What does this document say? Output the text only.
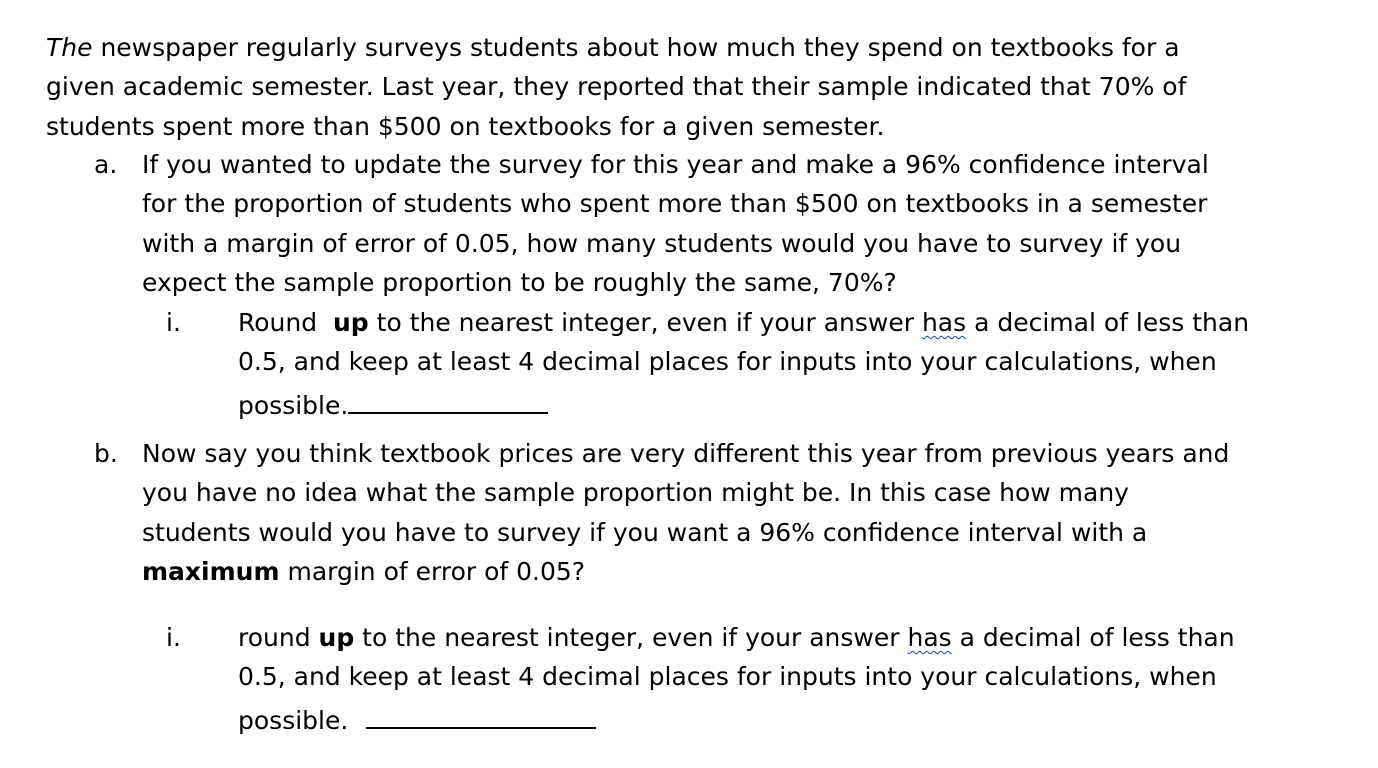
The newspaper regularly surveys students about how much they spend on textbooks for a
given academic semester. Last year, they reported that their sample indicated that 70% of
students spent more than $500 on textbooks for a given semester.
a. If you wanted to update the survey for this year and make a 96% confidence interval
for the proportion of students who spent more than $500 on textbooks in a semester
with a margin of error of 0.05, how many students would you have to survey if you
expect the sample proportion to be roughly the same, 70%?
i. Round  up to the nearest integer, even if your answer has a decimal of less than
0.5, and keep at least 4 decimal places for inputs into your calculations, when
possible.
b. Now say you think textbook prices are very different this year from previous years and
you have no idea what the sample proportion might be. In this case how many
students would you have to survey if you want a 96% confidence interval with a
maximum margin of error of 0.05?
i. round up to the nearest integer, even if your answer has a decimal of less than
0.5, and keep at least 4 decimal places for inputs into your calculations, when
possible.
